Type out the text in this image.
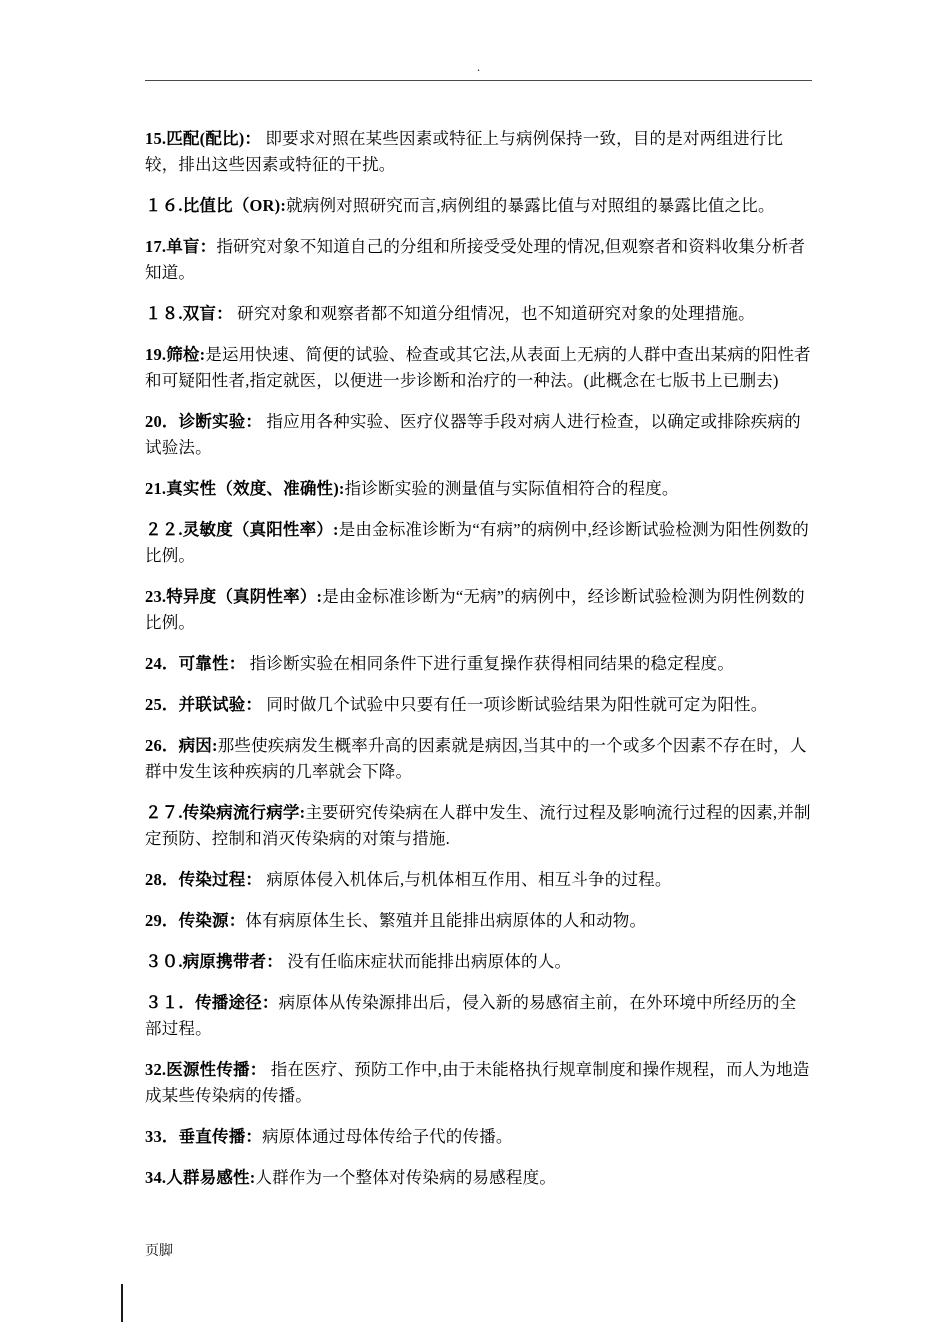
.

15.匹配(配比)： 即要求对照在某些因素或特征上与病例保持一致，目的是对两组进行比较，排出这些因素或特征的干扰。

１６.比值比（OR):就病例对照研究而言,病例组的暴露比值与对照组的暴露比值之比。

17.单盲：指研究对象不知道自己的分组和所接受受处理的情况,但观察者和资料收集分析者知道。

１８.双盲： 研究对象和观察者都不知道分组情况，也不知道研究对象的处理措施。

19.筛检:是运用快速、简便的试验、检查或其它法,从表面上无病的人群中查出某病的阳性者和可疑阳性者,指定就医，以便进一步诊断和治疗的一种法。(此概念在七版书上已删去)

20．诊断实验： 指应用各种实验、医疗仪器等手段对病人进行检查，以确定或排除疾病的试验法。

21.真实性（效度、准确性):指诊断实验的测量值与实际值相符合的程度。

２２.灵敏度（真阳性率）:是由金标准诊断为“有病”的病例中,经诊断试验检测为阳性例数的比例。

23.特异度（真阴性率）:是由金标准诊断为“无病”的病例中，经诊断试验检测为阴性例数的比例。

24．可靠性： 指诊断实验在相同条件下进行重复操作获得相同结果的稳定程度。

25．并联试验： 同时做几个试验中只要有任一项诊断试验结果为阳性就可定为阳性。

26．病因:那些使疾病发生概率升高的因素就是病因,当其中的一个或多个因素不存在时，人群中发生该种疾病的几率就会下降。

２７.传染病流行病学:主要研究传染病在人群中发生、流行过程及影响流行过程的因素,并制定预防、控制和消灭传染病的对策与措施.

28．传染过程： 病原体侵入机体后,与机体相互作用、相互斗争的过程。

29．传染源：体有病原体生长、繁殖并且能排出病原体的人和动物。

３０.病原携带者： 没有任临床症状而能排出病原体的人。

３１．传播途径：病原体从传染源排出后，侵入新的易感宿主前，在外环境中所经历的全部过程。

32.医源性传播： 指在医疗、预防工作中,由于未能格执行规章制度和操作规程，而人为地造成某些传染病的传播。

33．垂直传播：病原体通过母体传给子代的传播。

34.人群易感性:人群作为一个整体对传染病的易感程度。

页脚
